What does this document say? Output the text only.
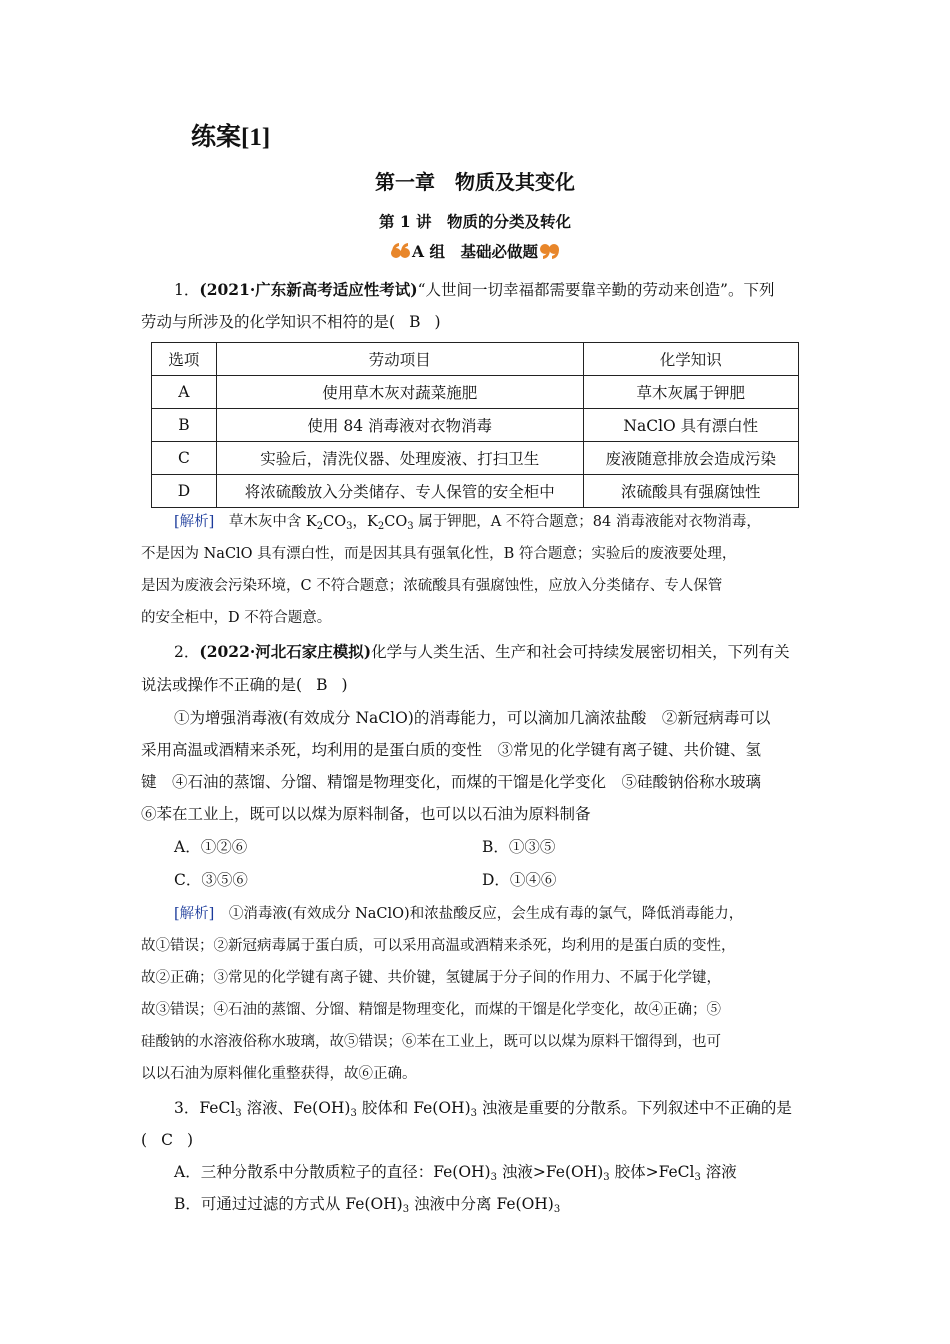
练案[1]
第一章　物质及其变化
第 1 讲　物质的分类及转化
A 组　基础必做题
1．(2021·广东新高考适应性考试)“人世间一切幸福都需要靠辛勤的劳动来创造”。下列
劳动与所涉及的化学知识不相符的是( B )
选项	劳动项目	化学知识
A	使用草木灰对蔬菜施肥	草木灰属于钾肥
B	使用 84 消毒液对衣物消毒	NaClO 具有漂白性
C	实验后，清洗仪器、处理废液、打扫卫生	废液随意排放会造成污染
D	将浓硫酸放入分类储存、专人保管的安全柜中	浓硫酸具有强腐蚀性
[解析]　 草木灰中含 $K_2CO_3$，$K_2CO_3$ 属于钾肥，A 不符合题意；84 消毒液能对衣物消毒，
不是因为 NaClO 具有漂白性，而是因其具有强氧化性，B 符合题意；实验后的废液要处理，
是因为废液会污染环境，C 不符合题意；浓硫酸具有强腐蚀性，应放入分类储存、专人保管
的安全柜中，D 不符合题意。
2．(2022·河北石家庄模拟)化学与人类生活、生产和社会可持续发展密切相关，下列有关
说法或操作不正确的是( B )
①为增强消毒液(有效成分 NaClO)的消毒能力，可以滴加几滴浓盐酸　②新冠病毒可以
采用高温或酒精来杀死，均利用的是蛋白质的变性　③常见的化学键有离子键、共价键、氢
键　④石油的蒸馏、分馏、精馏是物理变化，而煤的干馏是化学变化　⑤硅酸钠俗称水玻璃
⑥苯在工业上，既可以以煤为原料制备，也可以以石油为原料制备
A．①②⑥	B．①③⑤
C．③⑤⑥	D．①④⑥
[解析]　 ①消毒液(有效成分 NaClO)和浓盐酸反应，会生成有毒的氯气，降低消毒能力，
故①错误；②新冠病毒属于蛋白质，可以采用高温或酒精来杀死，均利用的是蛋白质的变性，
故②正确；③常见的化学键有离子键、共价键，氢键属于分子间的作用力、不属于化学键，
故③错误；④石油的蒸馏、分馏、精馏是物理变化，而煤的干馏是化学变化，故④正确；⑤
硅酸钠的水溶液俗称水玻璃，故⑤错误；⑥苯在工业上，既可以以煤为原料干馏得到，也可
以以石油为原料催化重整获得，故⑥正确。
3．FeCl$_3$ 溶液、$Fe(OH)_3$ 胶体和 $Fe(OH)_3$ 浊液是重要的分散系。下列叙述中不正确的是
( C )
A．三种分散系中分散质粒子的直径：$Fe(OH)_3$ 浊液$>Fe(OH)_3$ 胶体>FeCl$_3$ 溶液
B．可通过过滤的方式从 $Fe(OH)_3$ 浊液中分离 $Fe(OH)_3$
